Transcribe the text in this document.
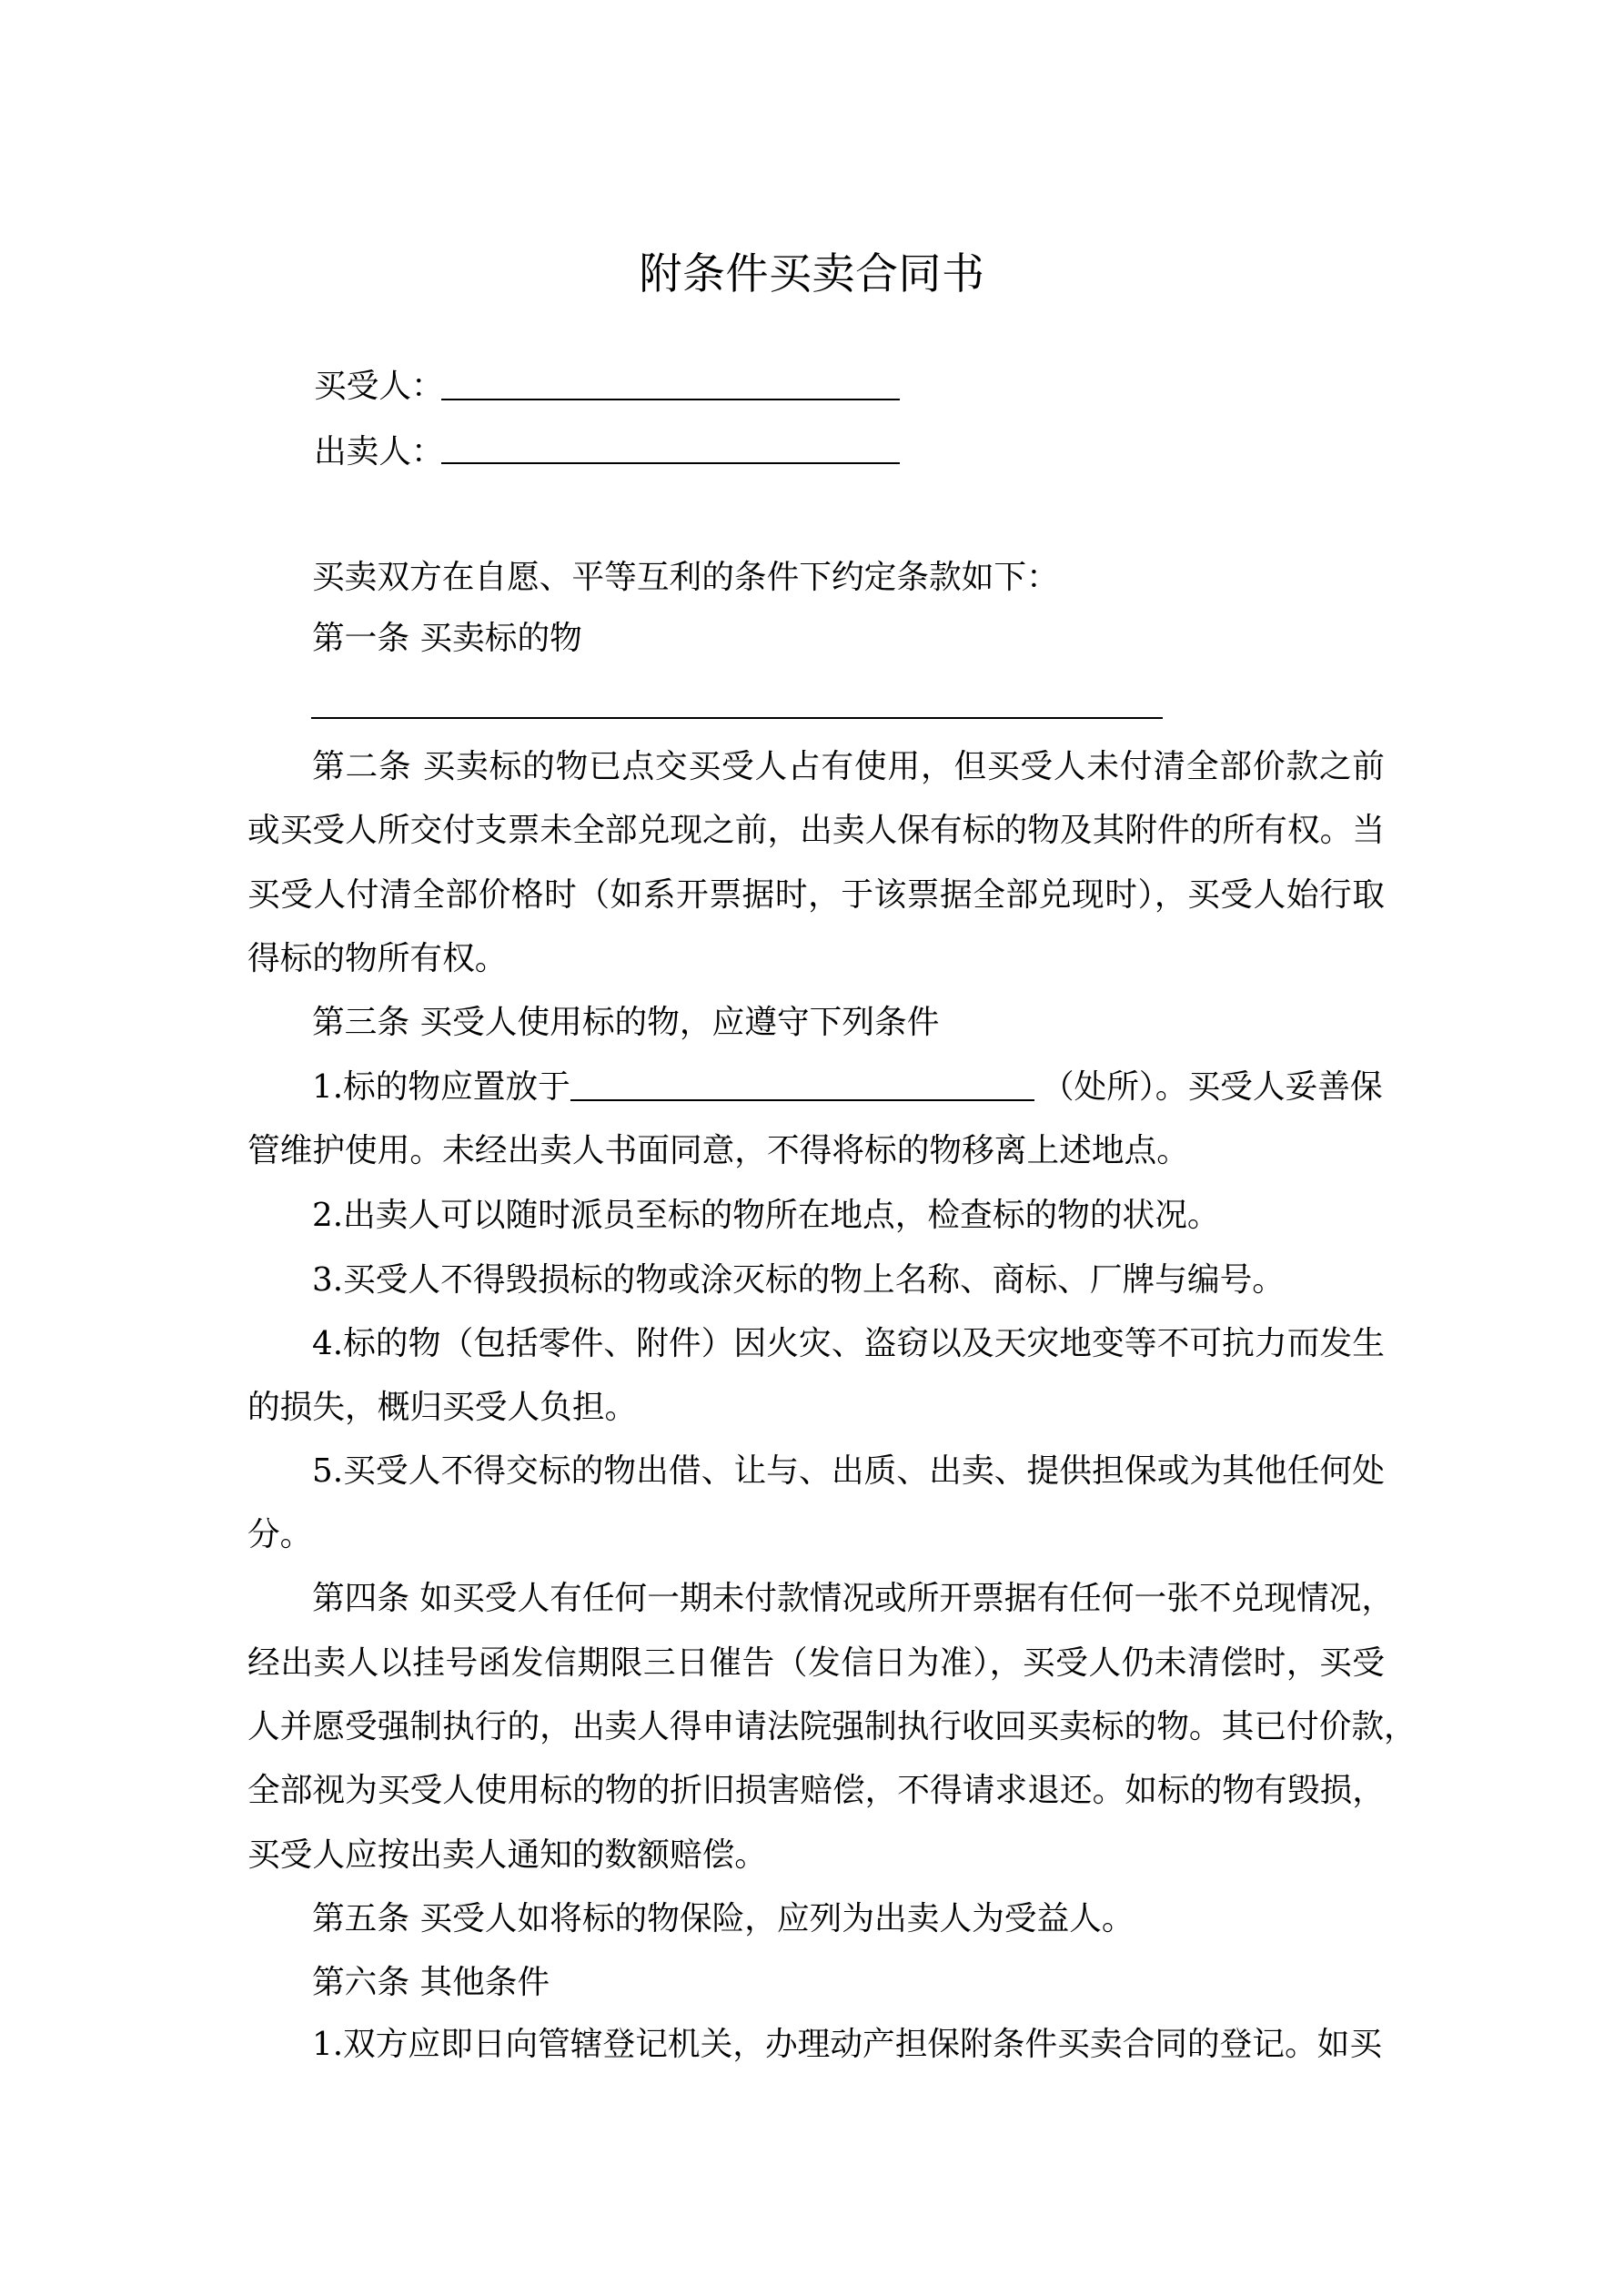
附条件买卖合同书
买受人：
出卖人：
买卖双方在自愿、平等互利的条件下约定条款如下：
第一条 买卖标的物
第二条 买卖标的物已点交买受人占有使用，但买受人未付清全部价款之前
或买受人所交付支票未全部兑现之前，出卖人保有标的物及其附件的所有权。当
买受人付清全部价格时（如系开票据时，于该票据全部兑现时），买受人始行取
得标的物所有权。
第三条 买受人使用标的物，应遵守下列条件
1.标的物应置放于	（处所）。买受人妥善保
管维护使用。未经出卖人书面同意，不得将标的物移离上述地点。
2.出卖人可以随时派员至标的物所在地点，检查标的物的状况。
3.买受人不得毁损标的物或涂灭标的物上名称、商标、厂牌与编号。
4.标的物（包括零件、附件）因火灾、盗窃以及天灾地变等不可抗力而发生
的损失，概归买受人负担。
5.买受人不得交标的物出借、让与、出质、出卖、提供担保或为其他任何处
分。
第四条 如买受人有任何一期未付款情况或所开票据有任何一张不兑现情况，
经出卖人以挂号函发信期限三日催告（发信日为准），买受人仍未清偿时，买受
人并愿受强制执行的，出卖人得申请法院强制执行收回买卖标的物。其已付价款，
全部视为买受人使用标的物的折旧损害赔偿，不得请求退还。如标的物有毁损，
买受人应按出卖人通知的数额赔偿。
第五条 买受人如将标的物保险，应列为出卖人为受益人。
第六条 其他条件
1.双方应即日向管辖登记机关，办理动产担保附条件买卖合同的登记。如买
